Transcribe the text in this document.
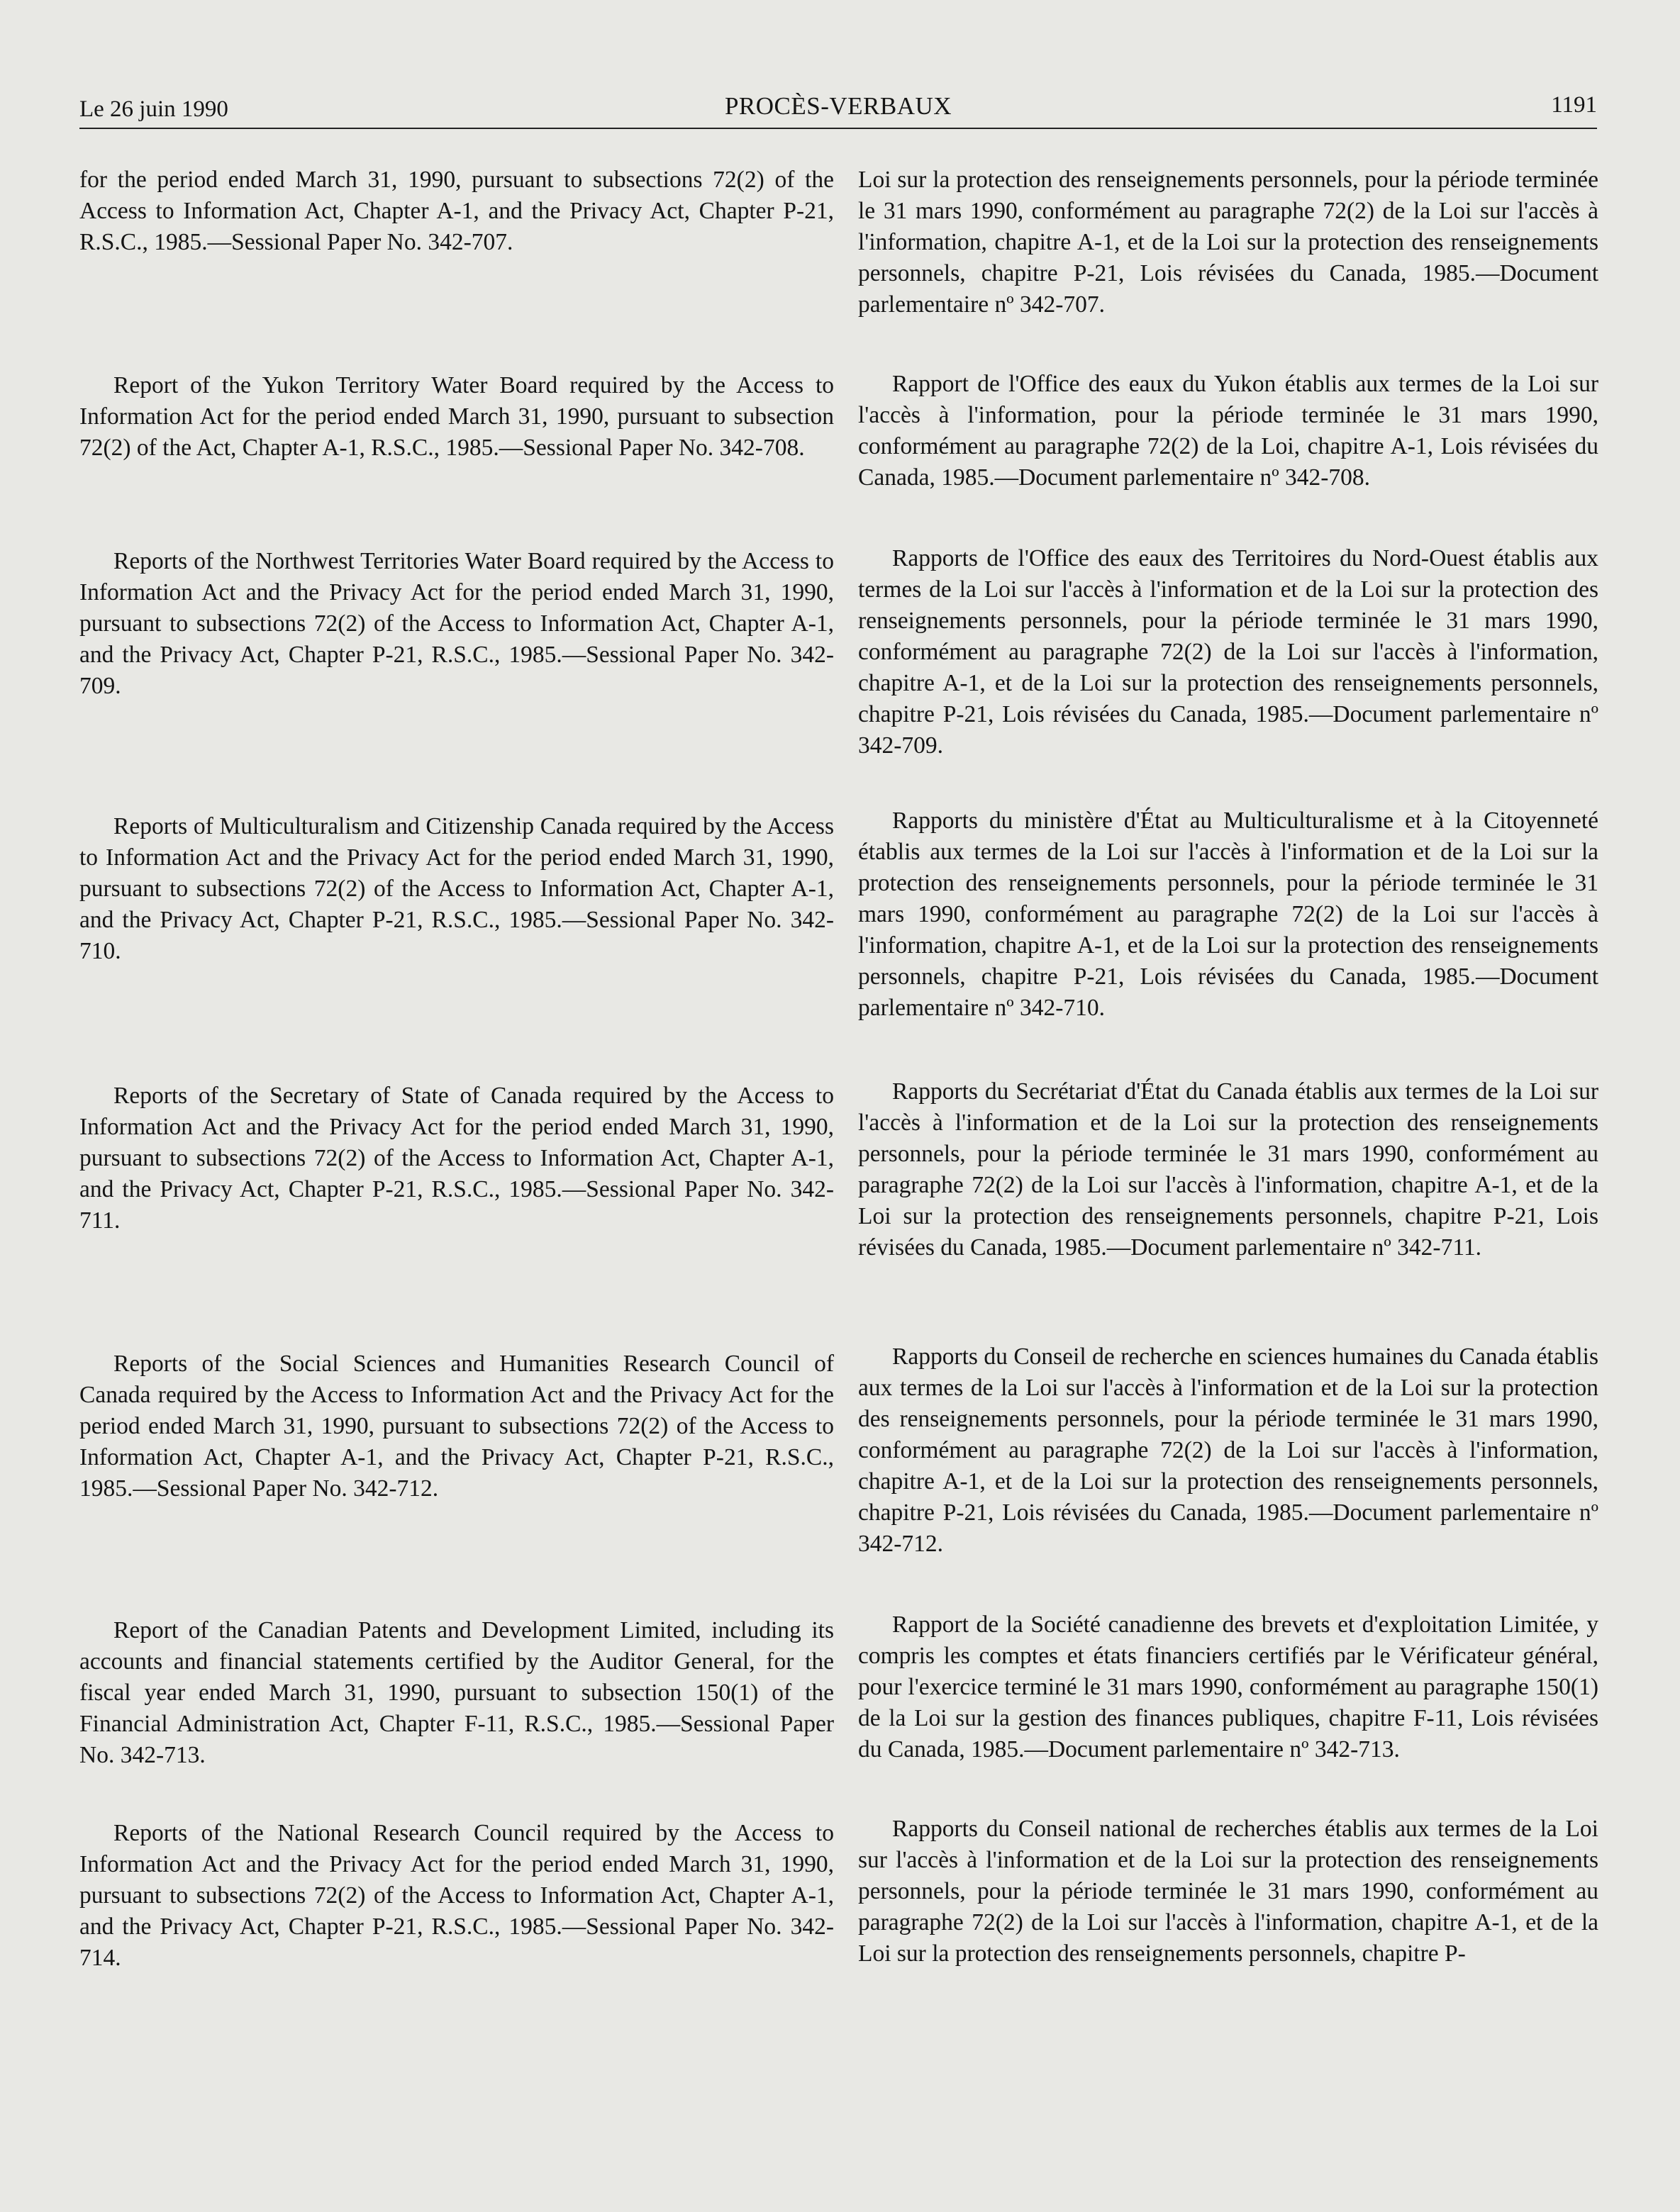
Le 26 juin 1990	PROCÈS-VERBAUX	1191

for the period ended March 31, 1990, pursuant to subsections 72(2) of the Access to Information Act, Chapter A-1, and the Privacy Act, Chapter P-21, R.S.C., 1985.—Sessional Paper No. 342-707.

Report of the Yukon Territory Water Board required by the Access to Information Act for the period ended March 31, 1990, pursuant to subsection 72(2) of the Act, Chapter A-1, R.S.C., 1985.—Sessional Paper No. 342-708.

Reports of the Northwest Territories Water Board required by the Access to Information Act and the Privacy Act for the period ended March 31, 1990, pursuant to subsections 72(2) of the Access to Information Act, Chapter A-1, and the Privacy Act, Chapter P-21, R.S.C., 1985.—Sessional Paper No. 342-709.

Reports of Multiculturalism and Citizenship Canada required by the Access to Information Act and the Privacy Act for the period ended March 31, 1990, pursuant to subsections 72(2) of the Access to Information Act, Chapter A-1, and the Privacy Act, Chapter P-21, R.S.C., 1985.—Sessional Paper No. 342-710.

Reports of the Secretary of State of Canada required by the Access to Information Act and the Privacy Act for the period ended March 31, 1990, pursuant to subsections 72(2) of the Access to Information Act, Chapter A-1, and the Privacy Act, Chapter P-21, R.S.C., 1985.—Sessional Paper No. 342-711.

Reports of the Social Sciences and Humanities Research Council of Canada required by the Access to Information Act and the Privacy Act for the period ended March 31, 1990, pursuant to subsections 72(2) of the Access to Information Act, Chapter A-1, and the Privacy Act, Chapter P-21, R.S.C., 1985.—Sessional Paper No. 342-712.

Report of the Canadian Patents and Development Limited, including its accounts and financial statements certified by the Auditor General, for the fiscal year ended March 31, 1990, pursuant to subsection 150(1) of the Financial Administration Act, Chapter F-11, R.S.C., 1985.—Sessional Paper No. 342-713.

Reports of the National Research Council required by the Access to Information Act and the Privacy Act for the period ended March 31, 1990, pursuant to subsections 72(2) of the Access to Information Act, Chapter A-1, and the Privacy Act, Chapter P-21, R.S.C., 1985.—Sessional Paper No. 342-714.

Loi sur la protection des renseignements personnels, pour la période terminée le 31 mars 1990, conformément au paragraphe 72(2) de la Loi sur l'accès à l'information, chapitre A-1, et de la Loi sur la protection des renseignements personnels, chapitre P-21, Lois révisées du Canada, 1985.—Document parlementaire nº 342-707.

Rapport de l'Office des eaux du Yukon établis aux termes de la Loi sur l'accès à l'information, pour la période terminée le 31 mars 1990, conformément au paragraphe 72(2) de la Loi, chapitre A-1, Lois révisées du Canada, 1985.—Document parlementaire nº 342-708.

Rapports de l'Office des eaux des Territoires du Nord-Ouest établis aux termes de la Loi sur l'accès à l'information et de la Loi sur la protection des renseignements personnels, pour la période terminée le 31 mars 1990, conformément au paragraphe 72(2) de la Loi sur l'accès à l'information, chapitre A-1, et de la Loi sur la protection des renseignements personnels, chapitre P-21, Lois révisées du Canada, 1985.—Document parlementaire nº 342-709.

Rapports du ministère d'État au Multiculturalisme et à la Citoyenneté établis aux termes de la Loi sur l'accès à l'information et de la Loi sur la protection des renseignements personnels, pour la période terminée le 31 mars 1990, conformément au paragraphe 72(2) de la Loi sur l'accès à l'information, chapitre A-1, et de la Loi sur la protection des renseignements personnels, chapitre P-21, Lois révisées du Canada, 1985.—Document parlementaire nº 342-710.

Rapports du Secrétariat d'État du Canada établis aux termes de la Loi sur l'accès à l'information et de la Loi sur la protection des renseignements personnels, pour la période terminée le 31 mars 1990, conformément au paragraphe 72(2) de la Loi sur l'accès à l'information, chapitre A-1, et de la Loi sur la protection des renseignements personnels, chapitre P-21, Lois révisées du Canada, 1985.—Document parlementaire nº 342-711.

Rapports du Conseil de recherche en sciences humaines du Canada établis aux termes de la Loi sur l'accès à l'information et de la Loi sur la protection des renseignements personnels, pour la période terminée le 31 mars 1990, conformément au paragraphe 72(2) de la Loi sur l'accès à l'information, chapitre A-1, et de la Loi sur la protection des renseignements personnels, chapitre P-21, Lois révisées du Canada, 1985.—Document parlementaire nº 342-712.

Rapport de la Société canadienne des brevets et d'exploitation Limitée, y compris les comptes et états financiers certifiés par le Vérificateur général, pour l'exercice terminé le 31 mars 1990, conformément au paragraphe 150(1) de la Loi sur la gestion des finances publiques, chapitre F-11, Lois révisées du Canada, 1985.—Document parlementaire nº 342-713.

Rapports du Conseil national de recherches établis aux termes de la Loi sur l'accès à l'information et de la Loi sur la protection des renseignements personnels, pour la période terminée le 31 mars 1990, conformément au paragraphe 72(2) de la Loi sur l'accès à l'information, chapitre A-1, et de la Loi sur la protection des renseignements personnels, chapitre P-
